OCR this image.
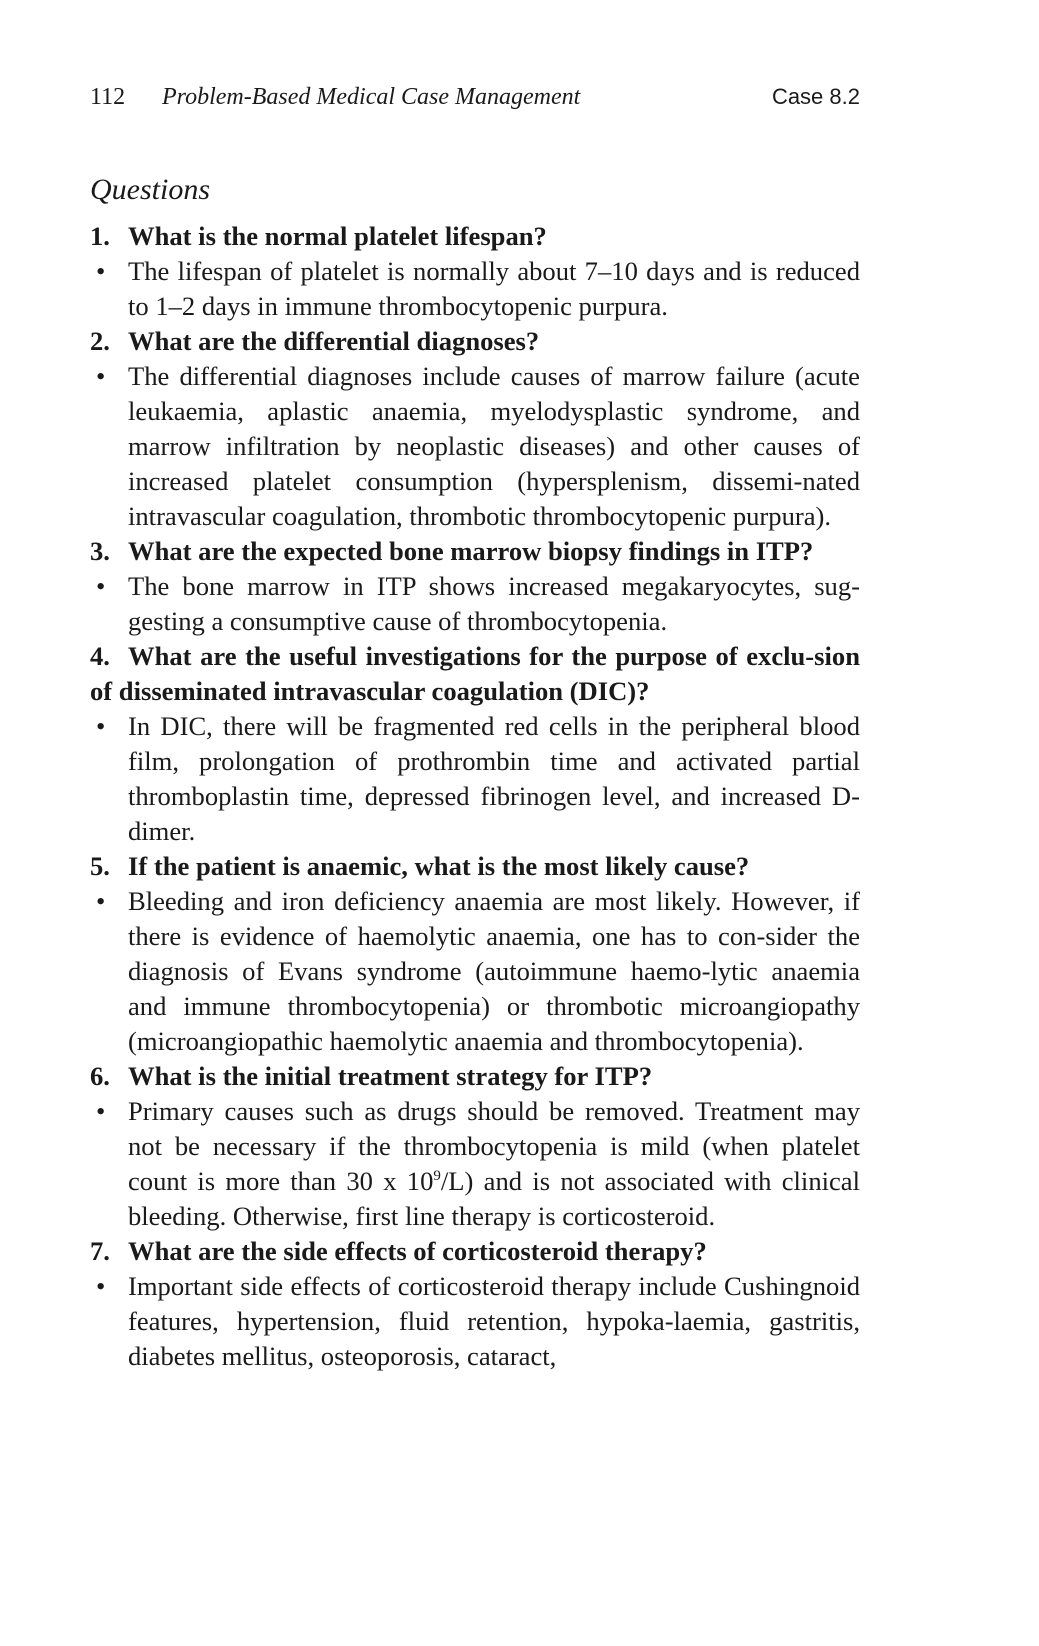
112 Problem-Based Medical Case Management	Case 8.2
Questions
1. What is the normal platelet lifespan?
• The lifespan of platelet is normally about 7–10 days and is reduced to 1–2 days in immune thrombocytopenic purpura.
2. What are the differential diagnoses?
• The differential diagnoses include causes of marrow failure (acute leukaemia, aplastic anaemia, myelodysplastic syndrome, and marrow infiltration by neoplastic diseases) and other causes of increased platelet consumption (hypersplenism, dissemi-nated intravascular coagulation, thrombotic thrombocytopenic purpura).
3. What are the expected bone marrow biopsy findings in ITP?
• The bone marrow in ITP shows increased megakaryocytes, sug-gesting a consumptive cause of thrombocytopenia.
4. What are the useful investigations for the purpose of exclu-sion of disseminated intravascular coagulation (DIC)?
• In DIC, there will be fragmented red cells in the peripheral blood film, prolongation of prothrombin time and activated partial thromboplastin time, depressed fibrinogen level, and increased D-dimer.
5. If the patient is anaemic, what is the most likely cause?
• Bleeding and iron deficiency anaemia are most likely. However, if there is evidence of haemolytic anaemia, one has to con-sider the diagnosis of Evans syndrome (autoimmune haemo-lytic anaemia and immune thrombocytopenia) or thrombotic microangiopathy (microangiopathic haemolytic anaemia and thrombocytopenia).
6. What is the initial treatment strategy for ITP?
• Primary causes such as drugs should be removed. Treatment may not be necessary if the thrombocytopenia is mild (when platelet count is more than 30 x $10^9/L$) and is not associated with clinical bleeding. Otherwise, first line therapy is corticosteroid.
7. What are the side effects of corticosteroid therapy?
• Important side effects of corticosteroid therapy include Cushingnoid features, hypertension, fluid retention, hypoka-laemia, gastritis, diabetes mellitus, osteoporosis, cataract,
